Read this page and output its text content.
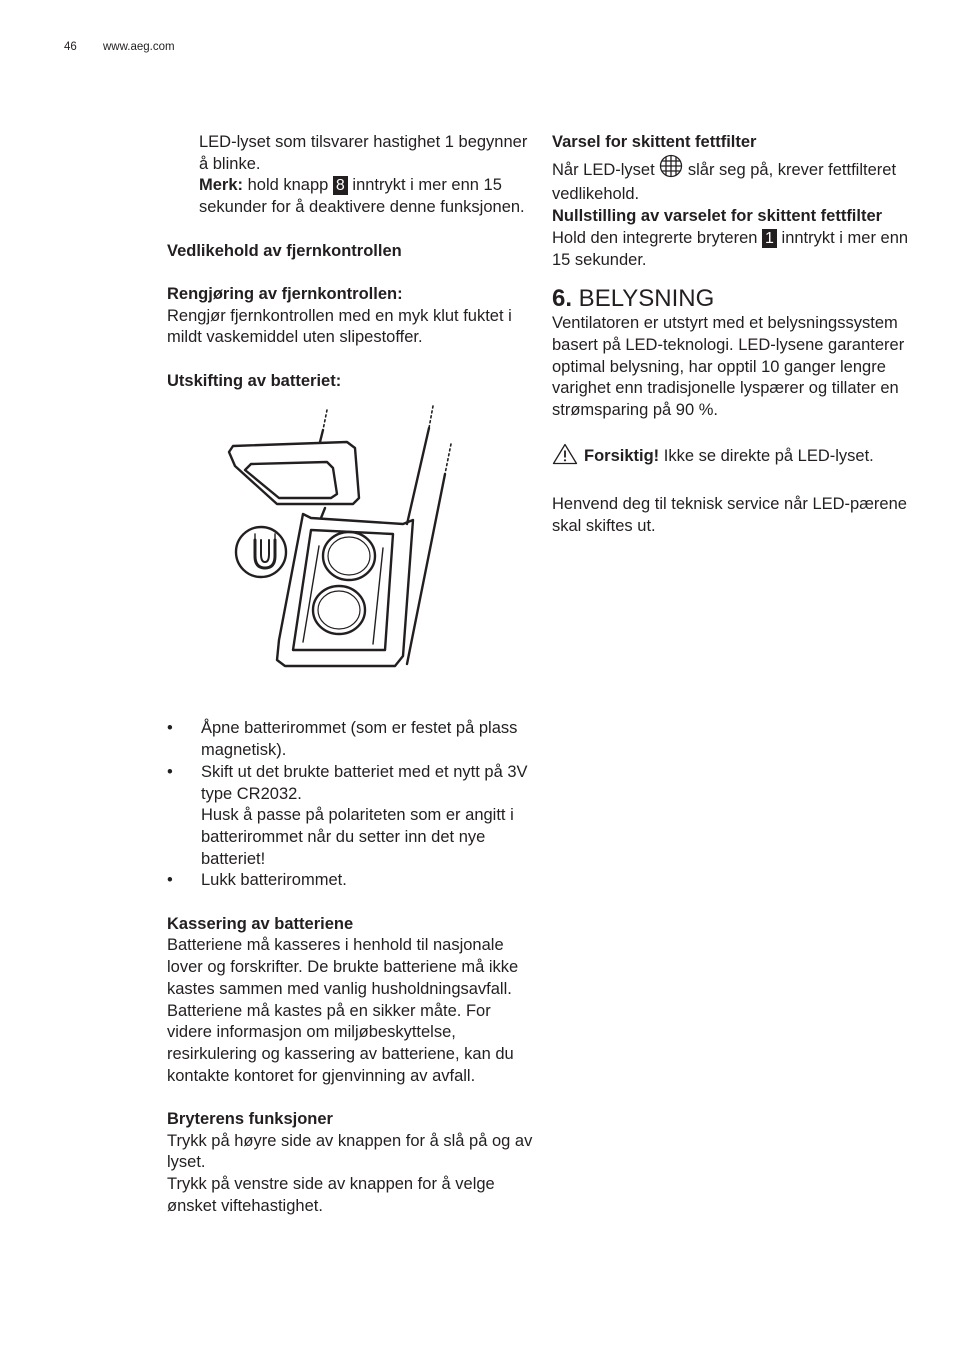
46 www.aeg.com

LED-lyset som tilsvarer hastighet 1 begynner å blinke.

Merk: hold knapp 8 inntrykt i mer enn 15 sekunder for å deaktivere denne funksjonen.

Vedlikehold av fjernkontrollen
Rengjøring av fjernkontrollen:

Rengjør fjernkontrollen med en myk klut fuktet i mildt vaskemiddel uten slipestoffer.

Utskifting av batteriet:
• Åpne batterirommet (som er festet på plass magnetisk).
• Skift ut det brukte batteriet med et nytt på 3V type CR2032.
Husk å passe på polariteten som er angitt i batterirommet når du setter inn det nye batteriet!
• Lukk batterirommet.
Kassering av batteriene

Batteriene må kasseres i henhold til nasjonale lover og forskrifter. De brukte batteriene må ikke kastes sammen med vanlig husholdningsavfall.

Batteriene må kastes på en sikker måte. For videre informasjon om miljøbeskyttelse, resirkulering og kassering av batteriene, kan du kontakte kontoret for gjenvinning av avfall.

Bryterens funksjoner

Trykk på høyre side av knappen for å slå på og av lyset.

Trykk på venstre side av knappen for å velge ønsket viftehastighet.

Varsel for skittent fettfilter

Når LED-lyset  slår seg på, krever fettfilteret vedlikehold.

Nullstilling av varselet for skittent fettfilter

Hold den integrerte bryteren 1 inntrykt i mer enn 15 sekunder.

6. BELYSNING

Ventilatoren er utstyrt med et belysningssystem basert på LED-teknologi. LED-lysene garanterer optimal belysning, har opptil 10 ganger lengre varighet enn tradisjonelle lyspærer og tillater en strømsparing på 90 %.

Forsiktig! Ikke se direkte på LED-lyset.

Henvend deg til teknisk service når LED-pærene skal skiftes ut.
